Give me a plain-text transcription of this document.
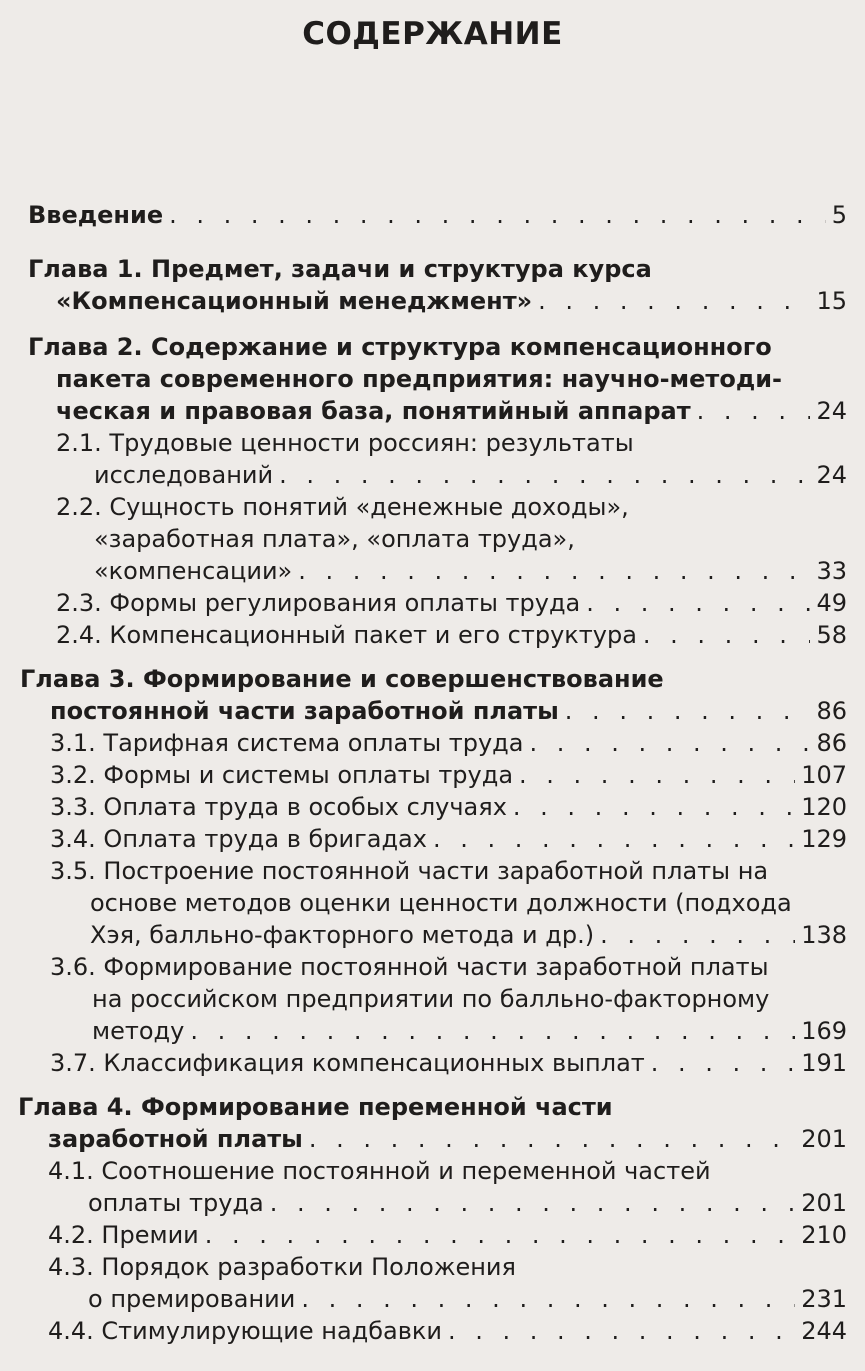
СОДЕРЖАНИЕ
Введение . . .	5
Глава 1. Предмет, задачи и структура курса
«Компенсационный менеджмент» . . .	15
Глава 2. Содержание и структура компенсационного
пакета современного предприятия: научно-методи-
ческая и правовая база, понятийный аппарат . . .	24
2.1. Трудовые ценности россиян: результаты
исследований . . .	24
2.2. Сущность понятий «денежные доходы»,
«заработная плата», «оплата труда»,
«компенсации» . . .	33
2.3. Формы регулирования оплаты труда . . .	49
2.4. Компенсационный пакет и его структура . . .	58
Глава 3. Формирование и совершенствование
постоянной части заработной платы . . .	86
3.1. Тарифная система оплаты труда . . .	86
3.2. Формы и системы оплаты труда . . .	107
3.3. Оплата труда в особых случаях . . .	120
3.4. Оплата труда в бригадах . . .	129
3.5. Построение постоянной части заработной платы на
основе методов оценки ценности должности (подхода
Хэя, балльно-факторного метода и др.) . . .	138
3.6. Формирование постоянной части заработной платы
на российском предприятии по балльно-факторному
методу . . .	169
3.7. Классификация компенсационных выплат . . .	191
Глава 4. Формирование переменной части
заработной платы . . .	201
4.1. Соотношение постоянной и переменной частей
оплаты труда . . .	201
4.2. Премии . . .	210
4.3. Порядок разработки Положения
о премировании . . .	231
4.4. Стимулирующие надбавки . . .	244
